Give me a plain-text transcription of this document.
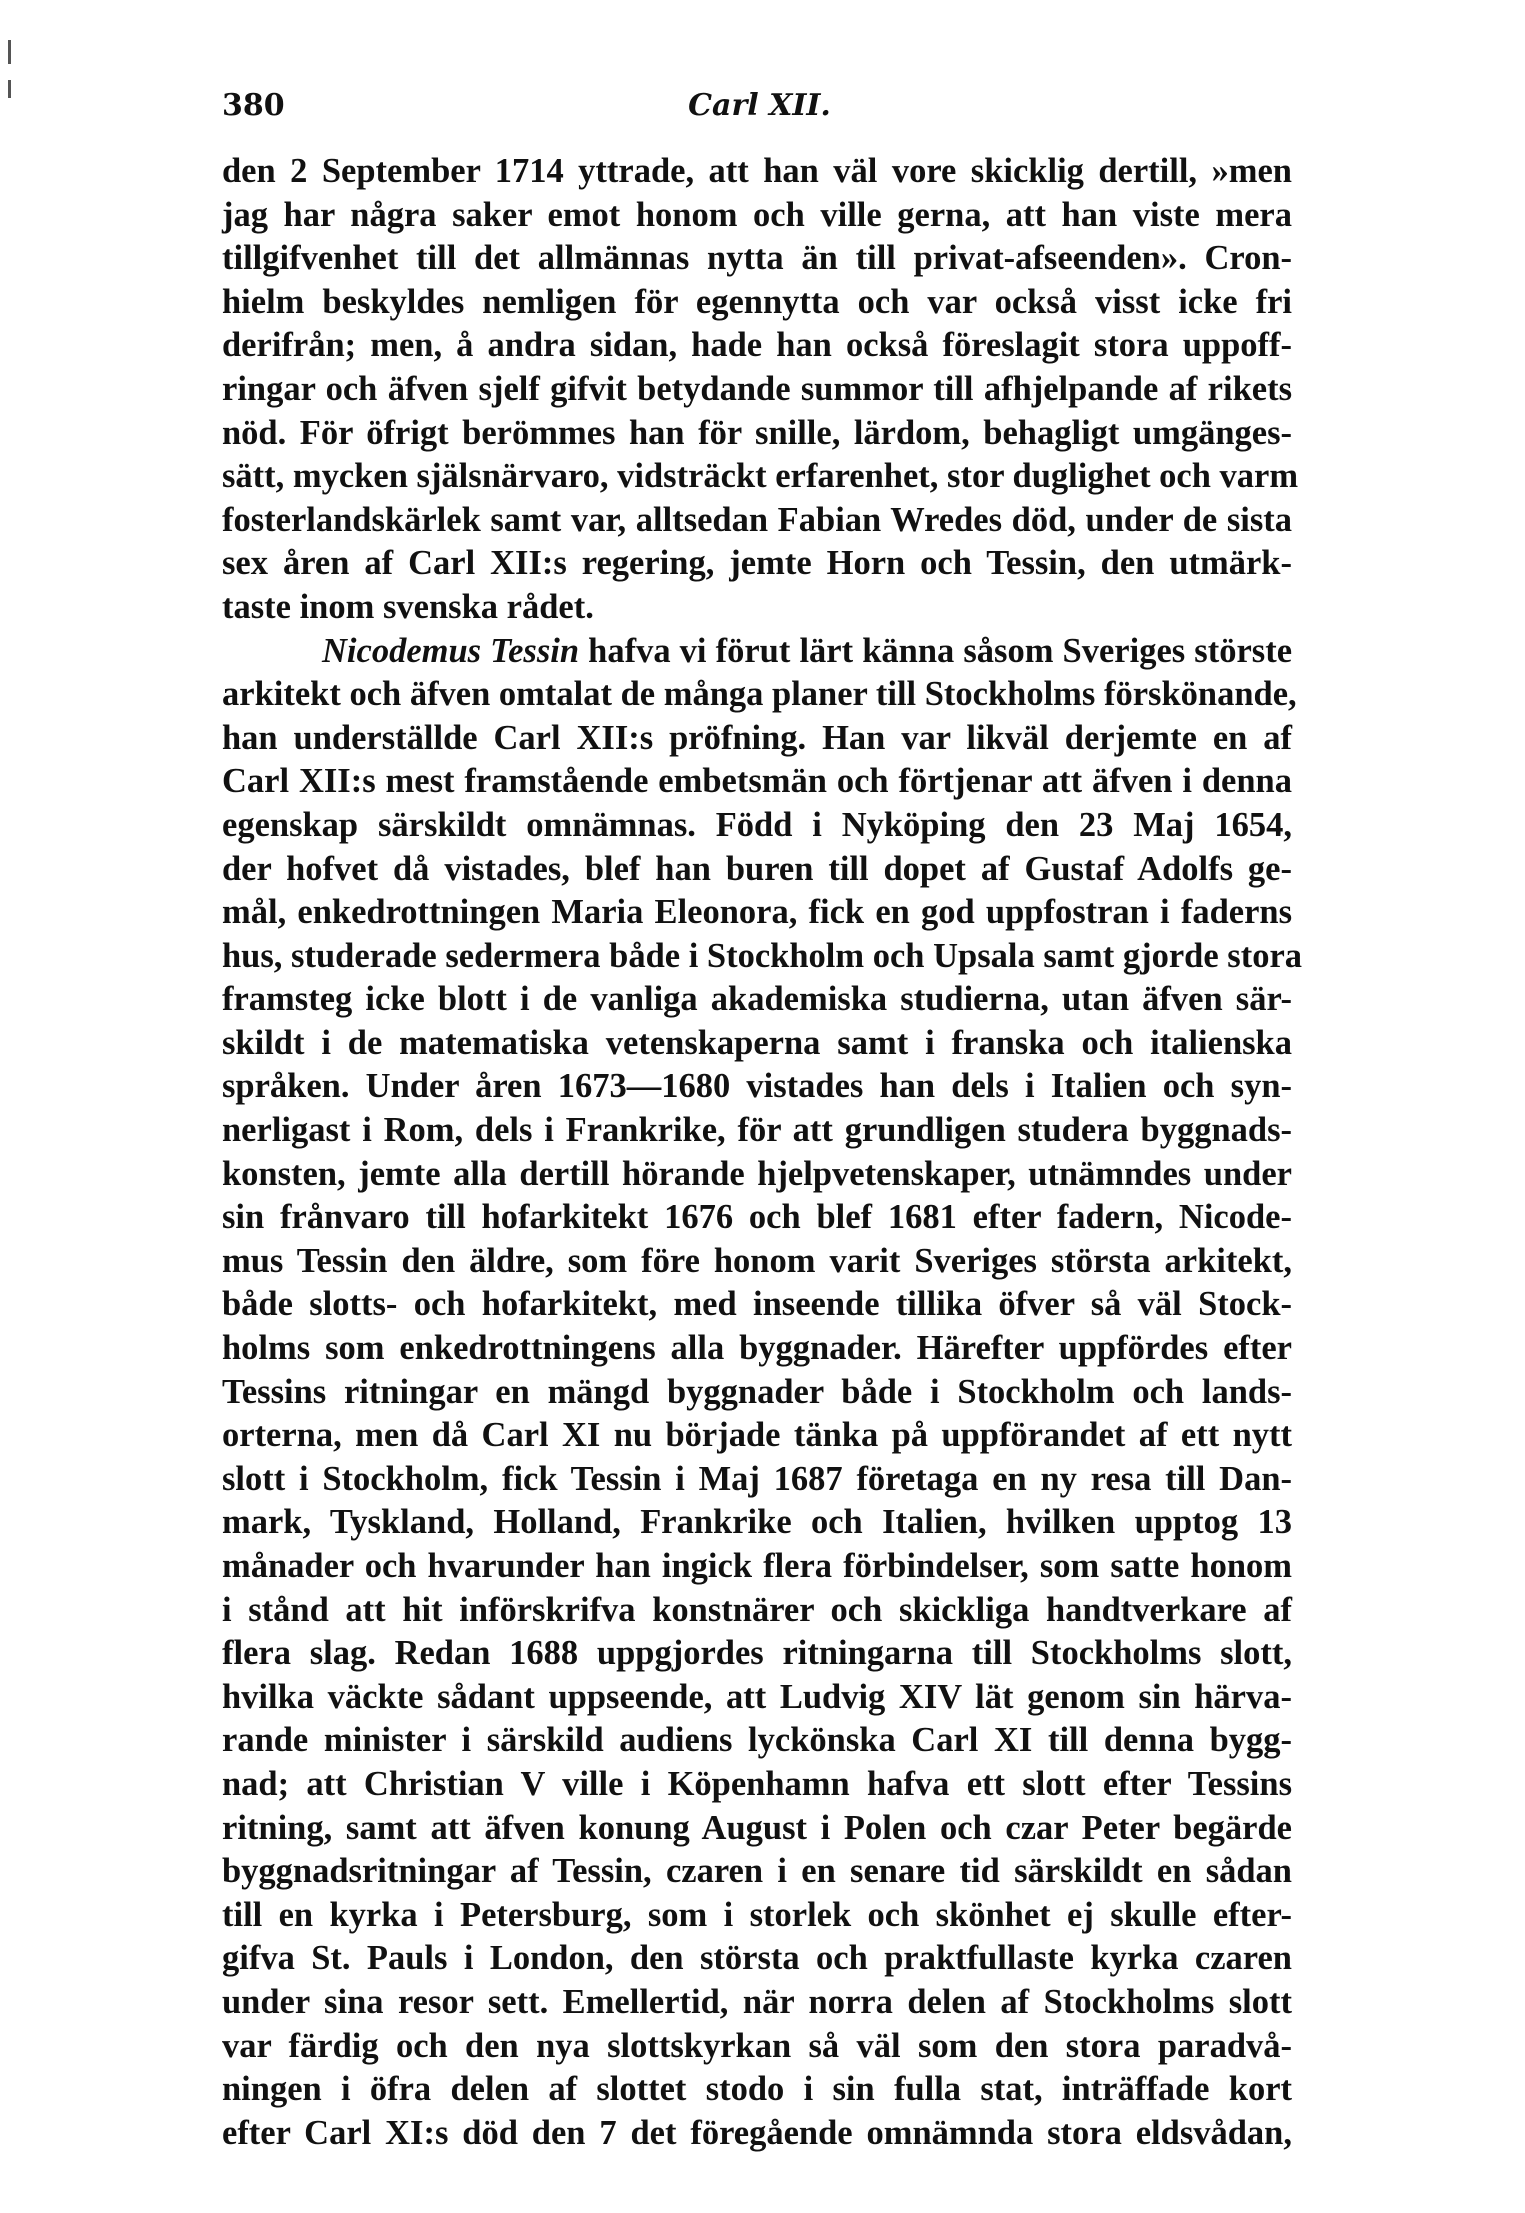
380	Carl XII.
den 2 September 1714 yttrade, att han väl vore skicklig dertill, »men
jag har några saker emot honom och ville gerna, att han viste mera
tillgifvenhet till det allmännas nytta än till privat-afseenden». Cron-
hielm beskyldes nemligen för egennytta och var också visst icke fri
derifrån; men, å andra sidan, hade han också föreslagit stora uppoff-
ringar och äfven sjelf gifvit betydande summor till afhjelpande af rikets
nöd. För öfrigt berömmes han för snille, lärdom, behagligt umgänges-
sätt, mycken själsnärvaro, vidsträckt erfarenhet, stor duglighet och varm
fosterlandskärlek samt var, alltsedan Fabian Wredes död, under de sista
sex åren af Carl XII:s regering, jemte Horn och Tessin, den utmärk-
taste inom svenska rådet.
Nicodemus Tessin hafva vi förut lärt känna såsom Sveriges störste
arkitekt och äfven omtalat de många planer till Stockholms förskönande,
han underställde Carl XII:s pröfning. Han var likväl derjemte en af
Carl XII:s mest framstående embetsmän och förtjenar att äfven i denna
egenskap särskildt omnämnas. Född i Nyköping den 23 Maj 1654,
der hofvet då vistades, blef han buren till dopet af Gustaf Adolfs ge-
mål, enkedrottningen Maria Eleonora, fick en god uppfostran i faderns
hus, studerade sedermera både i Stockholm och Upsala samt gjorde stora
framsteg icke blott i de vanliga akademiska studierna, utan äfven sär-
skildt i de matematiska vetenskaperna samt i franska och italienska
språken. Under åren 1673—1680 vistades han dels i Italien och syn-
nerligast i Rom, dels i Frankrike, för att grundligen studera byggnads-
konsten, jemte alla dertill hörande hjelpvetenskaper, utnämndes under
sin frånvaro till hofarkitekt 1676 och blef 1681 efter fadern, Nicode-
mus Tessin den äldre, som före honom varit Sveriges största arkitekt,
både slotts- och hofarkitekt, med inseende tillika öfver så väl Stock-
holms som enkedrottningens alla byggnader. Härefter uppfördes efter
Tessins ritningar en mängd byggnader både i Stockholm och lands-
orterna, men då Carl XI nu började tänka på uppförandet af ett nytt
slott i Stockholm, fick Tessin i Maj 1687 företaga en ny resa till Dan-
mark, Tyskland, Holland, Frankrike och Italien, hvilken upptog 13
månader och hvarunder han ingick flera förbindelser, som satte honom
i stånd att hit införskrifva konstnärer och skickliga handtverkare af
flera slag. Redan 1688 uppgjordes ritningarna till Stockholms slott,
hvilka väckte sådant uppseende, att Ludvig XIV lät genom sin härva-
rande minister i särskild audiens lyckönska Carl XI till denna bygg-
nad; att Christian V ville i Köpenhamn hafva ett slott efter Tessins
ritning, samt att äfven konung August i Polen och czar Peter begärde
byggnadsritningar af Tessin, czaren i en senare tid särskildt en sådan
till en kyrka i Petersburg, som i storlek och skönhet ej skulle efter-
gifva St. Pauls i London, den största och praktfullaste kyrka czaren
under sina resor sett. Emellertid, när norra delen af Stockholms slott
var färdig och den nya slottskyrkan så väl som den stora paradvå-
ningen i öfra delen af slottet stodo i sin fulla stat, inträffade kort
efter Carl XI:s död den 7 det föregående omnämnda stora eldsvådan,
